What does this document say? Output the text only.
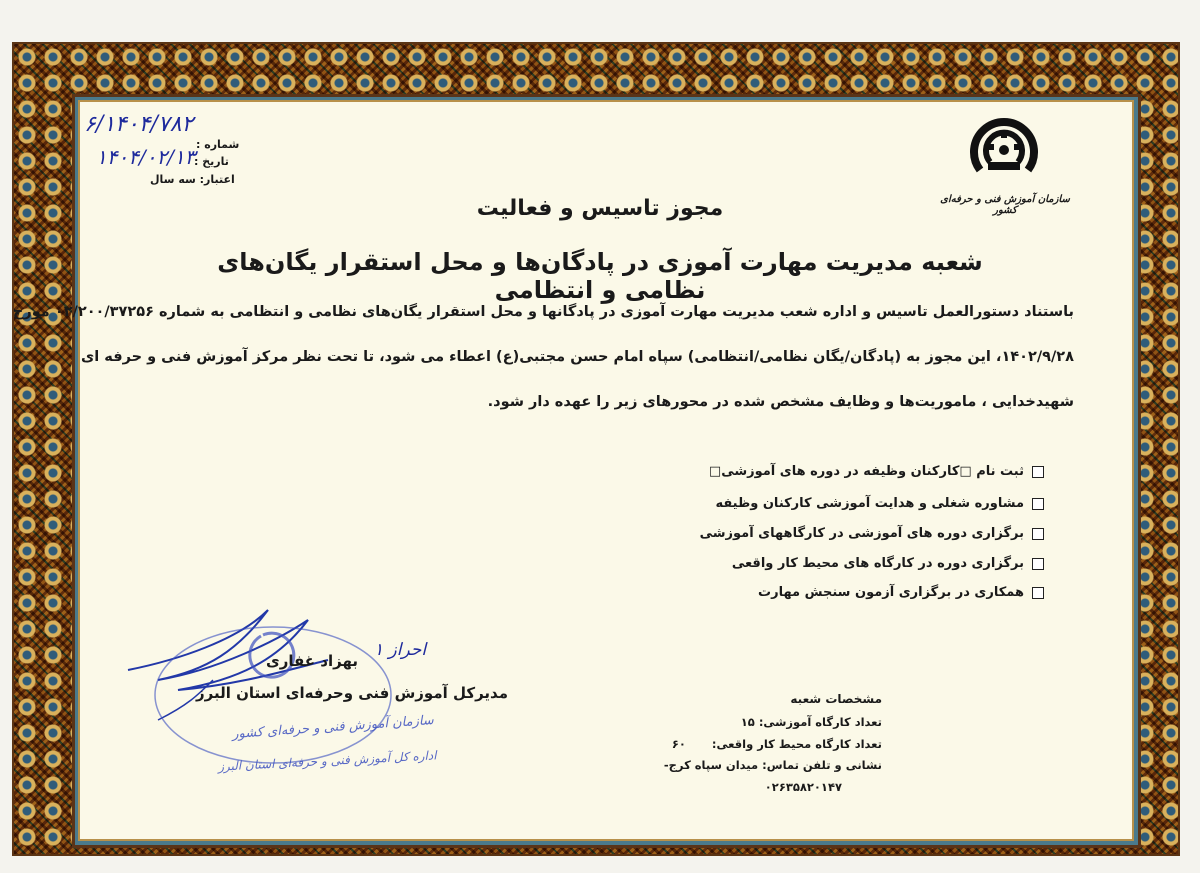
سازمان آموزش فنی و حرفه‌ای کشور
۶/۱۴۰۴/۷۸۲
شماره :
۱۴۰۴/۰۲/۱۳
تاریخ :
اعتبار: سه سال
مجوز تاسیس و فعالیت
شعبه مدیریت مهارت آموزی در پادگان‌ها و محل استقرار یگان‌های نظامی و انتظامی
باستناد دستورالعمل تاسیس و اداره شعب مدیریت مهارت آموزی در پادگانها و محل استقرار یگان‌های نظامی و انتظامی به شماره ۰۲/۲۰۰/۳۷۲۵۶ مورخ
۱۴۰۲/۹/۲۸، این مجوز به (پادگان/یگان نظامی/انتظامی) سپاه امام حسن مجتبی(ع) اعطاء می شود، تا تحت نظر مرکز آموزش فنی و حرفه ای
شهیدخدایی ، ماموریت‌ها و وظایف مشخص شده در محورهای زیر را عهده دار شود.
ثبت نام □کارکنان وظیفه در دوره های آموزشی□
مشاوره شغلی و هدایت آموزشی کارکنان وظیفه
برگزاری دوره های آموزشی در کارگاههای آموزشی
برگزاری دوره در کارگاه های محیط کار واقعی
همکاری در برگزاری آزمون سنجش مهارت
مشخصات شعبه
تعداد کارگاه آموزشی: ۱۵
تعداد کارگاه محیط کار واقعی: ۶۰
نشانی و تلفن تماس: میدان سپاه کرج-
۰۲۶۳۵۸۲۰۱۴۷
بهزاد غفاری
۱ احراز
مدیرکل آموزش فنی وحرفه‌ای استان البرز
سازمان آموزش فنی و حرفه‌ای کشور
اداره کل آموزش فنی و حرفه‌ای استان البرز
